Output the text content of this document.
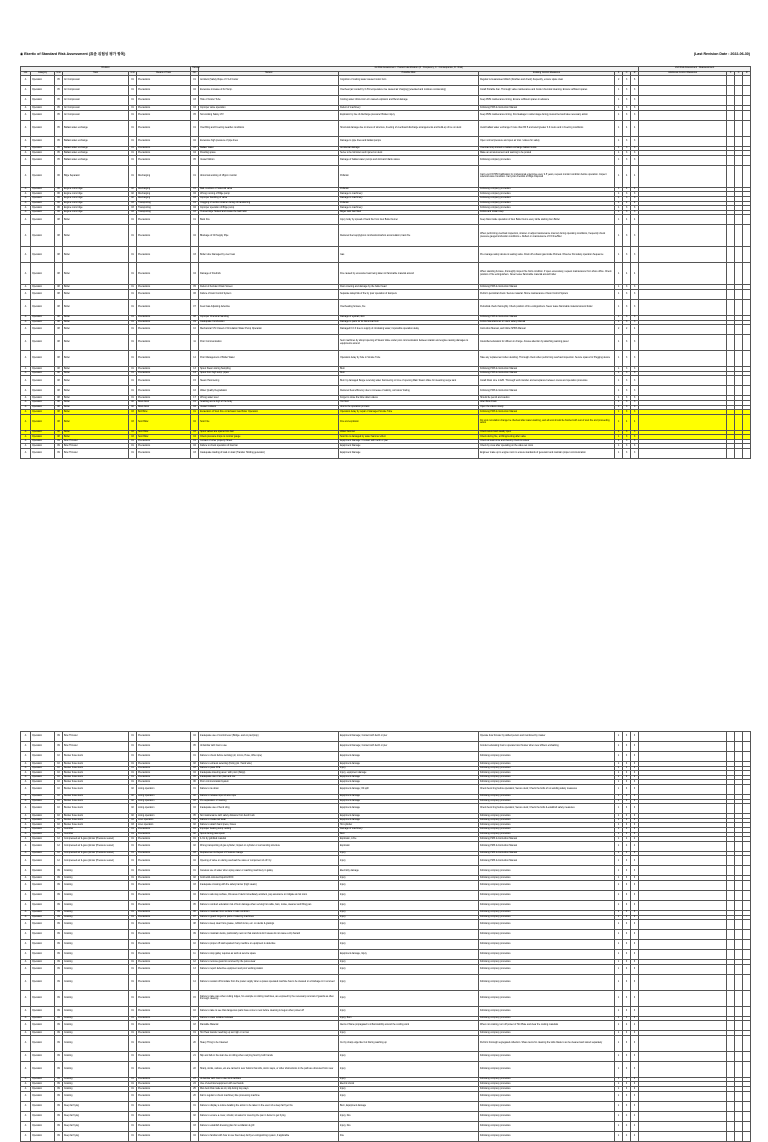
◉ Ekertic of Standard Risk Assessment (표준 위험성 평가 항목)	(Last Revision Date : 2022-06-30)
Division						Hazard	1st Risk Assessment : Hazard Identification (F : Frequency, C : Consequence, R : Risk)						2nd Risk Assessment : Reassessment			
List	Category	Unit	Task	Unit	Means of Task	No.	Hazard	Possible Risk	Existing Control Measures	F	C	R	Additional Control Measures	F	C	R
A	Operation	05	Air Compressor	01	Precautions	01	Accident (Safety Rope of Y-1A Cooler	Cognition of cooling water caused motor burn	Regular lo-Guaranteed Watch (Doubles and check) frequently, ensure spare clear	2	3	6				
A	Operation	05	Air Compressor	01	Precautions	02	Excessive increase of Air Temp.	Overheat (air cooled by 0.3% temperature rise caused air charging) (elevated and moisture condensing)	Install Portable Fan. Thorough valve maintenance and Cooler chemical cleaning. Ensure sufficient spares	1	3	3				
A	Operation	05	Air Compressor	01	Precautions	03	Hole of Cooler Tube	Cooling water inflow into LLC caused explosion and Bend damage	Keep PMS maintenance timing. Ensure sufficient spares in advance	1	3	3				
A	Operation	05	Air Compressor	01	Precautions	04	Improper valve operation	Defect of machinery	Following PMS & Instruction Manual	1	3	3				
A	Operation	05	Air Compressor	01	Precautions	05	Not working Safety V/V	Explosion by rise of discharge pressure/ Broken injury	Keep PMS maintenance timing. Find leakage in outlet stage during pressurized and take necessary action	1	3	3				
A	Operation	05	Ballast water exchange	01	Precautions	01	Overfilling and Freezing weather conditions	Structural damage due to stress of structure, freezing of overboard discharge arrangements and build-up of ice on deck	Avoid ballast water exchange if more than BF 5 and swell greater 3.0 metre and in freezing conditions	1	4	4				
A	Operation	05	Ballast water exchange	01	Precautions	02	Excessive high pressure of pipe lines	Damage to pipe lines and ballast pumps	Open normal pressure and open air inlet / valves for safety	1	3	3				
A	Operation	05	Ballast water exchange	01	Precautions	03	Ballast Water	Accidental damage	Overload stop trained to ballast exchange ballast Guide	1	3	3				
A	Operation	05	Ballast water exchange	01	Precautions	04	Flooding space	Serve to be fall down and injured on deck	Make an announcement and warning to be posted	1	3	3				
A	Operation	05	Ballast water exchange	01	Precautions	05	Vessel Motion	Damage of ballast water pumps and dormant bilarts valves	Following company procedure	1	3	3				
A	Operation	06	Bilge Separator	01	Discharging	01	Abnormal working of 15ppm monitor	Pollution	Carry-out 15 PPM Calibration by professional enterprise every 2.5 years, request monitor condition before operation. Inspect solenoid valve Condition. Carry-out checklist of Bilge Disposal	1	4	4				
A	Operation	06	Engine room bilge	02	Discharging	01	Bad condition of Solenoid valve	Pollution	Following company procedure	1	4	4				
A	Operation	06	Engine room bilge	02	Discharging	02	Wrong running of Bilge pump	Damage to machinery	Following company procedure	1	3	3				
A	Operation	06	Engine room bilge	02	Discharging	03	Improper handling of valve	Damage to machinery	Following company procedure	1	3	3				
A	Operation	06	Engine room bilge	03	Transporting	01	Clogging of suction strainer during oil transferring	Pollution	Following company procedure	1	4	4				
A	Operation	06	Engine room bilge	03	Transporting	02	Improper operation of Bilge pump	Damage to machinery	Following company procedure	1	3	3				
A	Operation	06	Engine room bilge	03	Transporting	03	Hi-level bilge Tanked and create the bad habit	Bilges tank fast filled	Follow and instant step	1	3	3				
A	Operation	08	Boiler	01	Precautions	01	Back Fire	Injury body by spread of back fire from Gun Boiler burner	Keep blow inside operation of Gun Boiler burns every while starting Gun Boiler	1	4	4				
A	Operation	08	Boiler	01	Precautions	02	Blockage of Oil Supply Pipe	Reduced fuel supply/poor combustion/carbon accumulation; back fire	When performing overhaul inspection, strainer or adjust maintenance interval; during operating conditions, frequently check pressure gauge/combustion conditions + Reflect on maintenance of FO line/filter	1	3	3				
A	Operation	08	Boiler	01	Precautions	03	Boiler tube Damaged by over heat	Gas	Pre-manage safety device & sealing valve. Drain off exhaust gas inside Preheat. Observe first safety operation Sequence	1	3	3				
A	Operation	08	Boiler	01	Precautions	04	Damage of Firebrick	Fire caused by excessive heat being taken to flammable material around	When standing furnace, thoroughly inspect fire brick condition. If open excessively, request maintenance from shore office. Check position of fire extinguishers. Never leave flammable material around boiler	1	4	4				
A	Operation	08	Boiler	01	Precautions	05	Defect of Accident Drain Screen	Dust covering and damage by the boiler head	Following PMS & Instruction Manual	1	3	3				
A	Operation	08	Boiler	01	Precautions	06	Failure of Auto Control System	Separate delay/risk of fire by poor operation of dampers	Perform periodical check. Secure material. Shore maintenance of Auto Control System	1	3	3				
A	Operation	08	Boiler	01	Precautions	07	Feed Gas Adjusting defective	Overheating furnace, fire	Periodical check thoroughly. Check position of fire extinguishers. Never leave flammable material around boiler	1	3	3				
A	Operation	08	Boiler	01	Precautions	08	Improper Chemical handling	Damage of eyeball, skin	Following PMS & Instruction Manual	1	3	3				
A	Operation	08	Boiler	01	Precautions	09	Inadequate Combustion	Damage to parts for its Abnormal burn	Follow Manufactures or users safety Manual	1	3	3				
A	Operation	08	Boiler	01	Precautions	10	Mechanical V/V Closed of Circulation Water Pump Operation	Damaged F.O.F due to supply of circulating water; impossible operation delay	Instruction Manual, and follow SHBS Manual	2	2	4				
A	Operation	08	Boiler	01	Precautions	11	Poor Communication	Sent machines by abrupt opening of Steam Valve under poor communication between station and engine causing damages to equipments around	Intensified education for officers in charge. Arouse attention by attaching warning panel	1	3	3				
A	Operation	08	Boiler	01	Precautions	12	Poor Management of Boiler Water	Operation delay by hole in Smoke Tube	Take any replacement when deciding. Thorough check when performing overhaul inspection. Secure spares for Plugging device	1	3	3				
A	Operation	08	Boiler	01	Precautions	13	Spout Steam during Sampling	Burn	Following PMS & Instruction Manual	1	3	3				
A	Operation	08	Boiler	01	Precautions	14	Spout from high temp. pipes	Burn	Following PMS & Instruction Manual	1	3	3				
A	Operation	08	Boiler	01	Precautions	15	Steam Hammering	Burn by damaged flange receiving water hammering or time of opening Main Steam Valve for steaming surge tank	Install Drain Line in E/R. Thorough work transfer and acceptance between crews and operation procedure	1	3	3				
A	Operation	08	Boiler	01	Precautions	16	Water Quality Degradation	Reduced heat efficiency due to increase of salinity, corrosion/ fouling	Following PMS & Instruction Manual	1	3	3				
A	Operation	08	Boiler	01	Precautions	17	Wrong water level	Forget to close the blow down valves	Should be pencil and caution	1	3	3				
A	Operation	08	Boiler	02	Blow down	01	Scalding and a high of the body	Hot fluid	After Blow Drain	1	3	3				
A	Operation	08	Boiler	02	Blow down	02	Vessel Collision	Aborts the operation process	Open the valves slowly	1	3	3				
A	Operation	08	Boiler	03	Boil Blow	01	Excavation of Soot Fire on Exhaust Gas Boiler Operation	Operation delay by repair of damaged Smoke Tube	Following PMS & Instruction Manual	1	3	3				
A	Operation	08	Boiler	03	Soot Blow	02	Soot Fire	Fire and explosion	Do soot cumulation change be checked after water washing, and all soot should be flushed with rest of soot fire and proceeding action	1	4	4				
A	Operation	08	Boiler	03	Soot Blow	03	Spout valves are opened too fast	Water hammer	Check sound and steady open	1	3	3				
A	Operation	08	Boiler	03	Soot Blow	04	Check pressure drops to monitor gauge	Soot fire is damaged by water hammer effect	Check during fire, at lifting/venting after valve	1	3	3				
A	Operation	09	Bow Thruster	01	Precautions	01	Contact of other property Sheet	Equipment Damage / Contact with berth or pier	Check at least once and thereby check & review	1	3	3				
A	Operation	09	Bow Thruster	01	Precautions	02	Failure to check operation of bow fan	Equipment Damage	Check by crew after operating on the valve set room	1	3	3				
A	Operation	09	Bow Thruster	01	Precautions	03	Inadequate loading of load on load (Transfer Holding generator)	Equipment Damage	Engineer make up to engine room to ensure standards of generator and maintain proper communication	1	3	3				
A	Operation	09	Bow Thruster	01	Precautions	04	Inadequate use of control lever (Bridge- and on pier/prop)	Equipment Damage; Contact with berth or pier	Operate bow thruster by skilled person and monitored by master	1	3	3				
A	Operation	09	Bow Thruster	01	Precautions	05	Unfamiliar with how to use	Equipment Damage; Contact with berth or pier	Conduct educating how to operate bow thruster when new officers embarking	1	3	3				
A	Operation	10	Bunker hose stock	01	Precautions	01	Failure to check before working (oil, mmno, Hose, Wire rope)	Equipment damage	Following company procedure	1	3	3				
A	Operation	10	Bunker hose stock	01	Precautions	02	Failure to exhaust selecting (Fixing pin / hook wire)	Equipment damage	Following company procedure	1	3	3				
A	Operation	10	Bunker hose stock	01	Precautions	03	Failure to pass PPE	Injury	Following company procedure	1	3	3				
A	Operation	10	Bunker hose stock	01	Precautions	04	Inadequate lowering area / with pivot (Skipp)	Injury, equipment damage	Following company procedure	1	3	3				
A	Operation	10	Bunker hose stock	01	Precautions	05	Inadequate use of air (fast and low	Equipment damage	Following company procedure	1	3	3				
A	Operation	10	Bunker hose stock	01	Precautions	06	Poor communication/system	Equipment damage	Following company procedure	1	3	3				
A	Operation	10	Bunker hose stock	02	Lining operation	01	Failure to tie down	Equipment damage; Oil spill	Check bend ring before operation; Secure deck; Check the bolts of no welding safety measures	1	3	3				
A	Operation	10	Bunker hose stock	02	Lining operation	02	Failure to release input of wire rope	Equipment damage	Following company procedure	1	3	3				
A	Operation	10	Bunker hose stock	02	Lining operation	03	Pre-separation of marking	Equipment damage	Following company procedure	1	3	3				
A	Operation	10	Bunker hose stock	02	Lining operation	04	Inadequate use of bend sling	Equipment damage	Check bend ring before operation; Secure deck; Check the bolts & establish safety measures	1	3	3				
A	Operation	10	Bunker hose stock	02	Lining operation	05	Not maintenance with safety distance from bend truck	Equipment damage	Following company procedure	1	3	3				
A	Operation	10	Bunker hose stock	03	Liner operation	01	Failure to create set wear	Equipment damage	Following company procedure	1	3	3				
A	Operation	10	Bunker hose stock	03	Liner operation	02	Failure to attach band press, hoses	Hot cylinder	Following company procedure	1	3	3				
A	Operation	11	Centrifier	01	Precautions	01	Improper heating temp. setting	Damage of machinery	Following company procedure	1	3	3				
A	Operation	11	Centrifier	01	Precautions	02	Spout during pass spent	Burn	Following company procedure	1	3	3				
A	Operation	12	Compressed air & gas cylinder (Pressure vessel)	01	Precautions	01	4-Yet by gobbled material	Explosion, A fire	Following PMS & Instruction Manual	1	4	4				
A	Operation	12	Compressed air & gas cylinder (Pressure vessel)	01	Precautions	02	Wrong transporting of gas cylinder; Impact on cylinder or surrounding structure	Explosion	Following PMS & Instruction Manual	1	4	4				
A	Operation	12	Compressed air & gas cylinder (Pressure vessel)	01	Precautions	03	Replacement & Repair of Pressure Gauge	Injury	Following PMS & Instruction Manual	1	3	3				
A	Operation	12	Compressed air & gas cylinder (Pressure vessel)	01	Precautions	04	Opening of valve on during overload the valve or component of oh! Oy	Injury	Following PMS & Instruction Manual	1	3	3				
A	Operation	09	Cooking	01	Precautions	01	Careless use of water when spray water or washing machinery in galley	Electricity damage	Following company procedure	1	3	3				
A	Operation	09	Cooking	01	Precautions	02	Cold solid-coloured liquid & ROC	Injury	Following company procedure	1	3	3				
A	Operation	09	Cooking	01	Precautions	03	Inadequate crossing with the safety barrier (high steam)	Injury	Following company procedure	1	3	3				
A	Operation	09	Cooking	01	Precautions	04	Failure to ask stay surface, this area of deck immediately accident, pay assurance to mitigate at risk room	Injury	Following company procedure	1	3	3				
A	Operation	09	Cooking	01	Precautions	05	Failure to conduct education risk of burn damage when serving hot cable, bain, moise, steamer and filling pan	Injury	Following company procedure	1	3	3				
A	Operation	09	Cooking	01	Precautions	06	Failure to maintain floor surface in safe condition	Injury	Following company procedure	1	3	3				
A	Operation	09	Cooking	01	Precautions	07	Failure to guard hinged to parts of catering machines	Injury	Following company procedure	1	3	3				
A	Operation	09	Cooking	01	Precautions	08	Failure to keep clear from grease, rubbish & loo, etc. on decks & gratings	Injury	Following company procedure	1	3	3				
A	Operation	09	Cooking	01	Precautions	09	Failure to maintain decks, particularly nest run that stands & don't areas do not cause a trip hazard	Injury	Following company procedure	1	3	3				
A	Operation	09	Cooking	01	Precautions	10	Failure to proper off stall repaired if any machine or equipment is defective	Injury	Following company procedure	1	3	3				
A	Operation	09	Cooking	01	Precautions	11	Failure to stop galley requires as work at service space	Equipment damage, Injury	Following company procedure	1	3	3				
A	Operation	09	Cooking	01	Precautions	12	Failure to remove guard to removed by the pores wear	Injury	Following company procedure	1	3	3				
A	Operation	09	Cooking	01	Precautions	13	Failure to report defective equipment and poor working station	Injury	Following company procedure	1	3	3				
A	Operation	09	Cooking	01	Precautions	14	Failure to sustain off & isolate from the power supply when a power-operated machine has to be cleaned or a blockage in it removed	Injury	Following company procedure	1	3	3				
A	Operation	09	Cooking	01	Precautions	15	Failure to take care when cutting ridges, for example on slicing machines, are exposed by the necessary removal of guards as often thorough cleaning	Injury	Following company procedure	1	3	3				
A	Operation	09	Cooking	01	Precautions	16	Failure to take to see that dangerous parts have come to rest before cleaning is begun when power off	Injury	Following company procedure	1	3	3				
A	Operation	09	Cooking	01	Precautions	17	Failure to wear suitable footwear	Injury, Burn	Following company procedure	1	3	3				
A	Operation	09	Cooking	01	Precautions	18	Flamable Material	Alerts of flame propagated to inflammability around the cooling work	When not cooking, turn off power of Hot Plate and clear the cooling materials	1	4	4				
A	Operation	09	Cooking	01	Precautions	19	Hot Heat transfer reaching up too high or no low	Injury	Following company procedure	1	3	3				
A	Operation	09	Cooking	01	Precautions	20	Heavy Thing to be Cleaned	Cut by sharp edge like Cut During washing up	Perform thorough segregated collection. Share items for cleaning the knife blade to an be cleaned and stored separately	1	3	3				
A	Operation	09	Cooking	01	Precautions	21	Slip and fall on the stair due to rolling when carrying food by both hands	Injury	Following company procedure	1	3	3				
A	Operation	09	Cooking	01	Precautions	22	Sharp, sticks, various, etc are carried in over bottom that sills, storm steps, or other obstructions in the path are obscured from view	Injury	Following company procedure	1	3	3				
A	Operation	09	Cooking	01	Precautions	23	Unfamiliar with how to use GLS facilities	Injury	Following company procedure	1	3	3				
A	Operation	09	Cooking	01	Precautions	24	Use of electrical equipment with wet hands	Electric shock	Following company procedure	1	3	3				
A	Operation	09	Cooking	01	Precautions	25	Wet deck that made as sit, slip during tray ways	Injury	Following company procedure	1	3	3				
A	Operation	09	Cooking	01	Precautions	26	Fail to regular to check machinery like processing machine	Injury	Following company procedure	1	3	3				
A	Operation	09	Deep fat frying	01	Precautions	01	Failure to display a notice detailing the action to be taken in the event of a deep fat fryer fire	Burn, Equipment damage	Following company procedure	1	3	3				
A	Operation	09	Deep fat frying	01	Precautions	02	Failure to ensure a cover, should, sit sales for covering the pan in better to get frying	Injury, Fire	Following company procedure	1	4	4				
A	Operation	09	Deep fat frying	01	Precautions	03	Failure to establish dressing plan for ventilation & grill	Injury, Fire	Following company procedure	1	4	4				
A	Operation	09	Deep fat frying	01	Precautions	04	Failure to familiar with how to use fixed deep fat fryer extinguishing system, if applicable	Fire	Following company procedure	1	4	4				
